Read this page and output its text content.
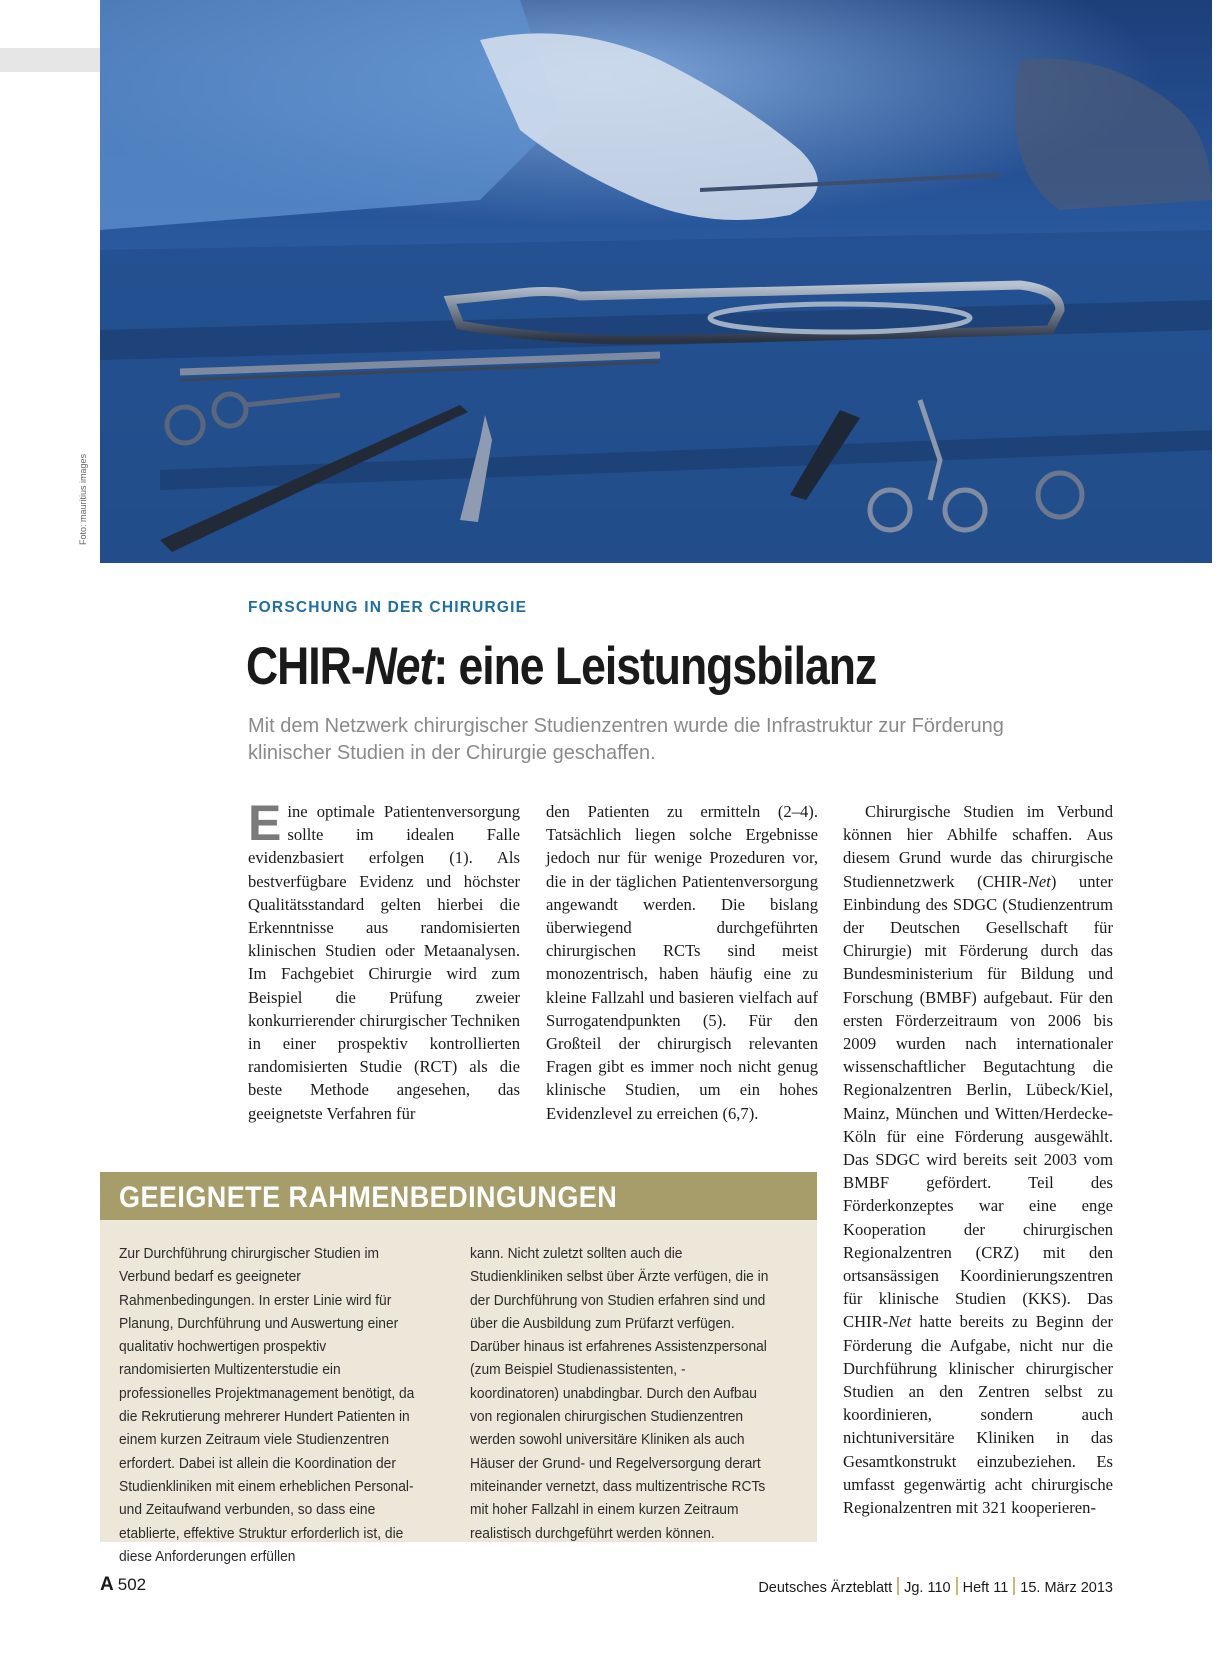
Foto: mauritius images
FORSCHUNG IN DER CHIRURGIE
CHIR-Net: eine Leistungsbilanz
Mit dem Netzwerk chirurgischer Studienzentren wurde die Infrastruktur zur Förderung klinischer Studien in der Chirurgie geschaffen.
Eine optimale Patientenversorgung sollte im idealen Falle evidenzbasiert erfolgen (1). Als bestverfügbare Evidenz und höchster Qualitätsstandard gelten hierbei die Erkenntnisse aus randomisierten klinischen Studien oder Metaanalysen. Im Fachgebiet Chirurgie wird zum Beispiel die Prüfung zweier konkurrierender chirurgischer Techniken in einer prospektiv kontrollierten randomisierten Studie (RCT) als die beste Methode angesehen, das geeignetste Verfahren für
den Patienten zu ermitteln (2–4). Tatsächlich liegen solche Ergebnisse jedoch nur für wenige Prozeduren vor, die in der täglichen Patientenversorgung angewandt werden. Die bislang überwiegend durchgeführten chirurgischen RCTs sind meist monozentrisch, haben häufig eine zu kleine Fallzahl und basieren vielfach auf Surrogatendpunkten (5). Für den Großteil der chirurgisch relevanten Fragen gibt es immer noch nicht genug klinische Studien, um ein hohes Evidenzlevel zu erreichen (6,7).

Chirurgische Studien im Verbund können hier Abhilfe schaffen. Aus diesem Grund wurde das chirurgische Studiennetzwerk (CHIR-Net) unter Einbindung des SDGC (Studienzentrum der Deutschen Gesellschaft für Chirurgie) mit Förderung durch das Bundesministerium für Bildung und Forschung (BMBF) aufgebaut. Für den ersten Förderzeitraum von 2006 bis 2009 wurden nach internationaler wissenschaftlicher Begutachtung die Regionalzentren Berlin, Lübeck/Kiel, Mainz, München und Witten/Herdecke-Köln für eine Förderung ausgewählt. Das SDGC wird bereits seit 2003 vom BMBF gefördert. Teil des Förderkonzeptes war eine enge Kooperation der chirurgischen Regionalzentren (CRZ) mit den ortsansässigen Koordinierungszentren für klinische Studien (KKS). Das CHIR-Net hatte bereits zu Beginn der Förderung die Aufgabe, nicht nur die Durchführung klinischer chirurgischer Studien an den Zentren selbst zu koordinieren, sondern auch nichtuniversitäre Kliniken in das Gesamtkonstrukt einzubeziehen. Es umfasst gegenwärtig acht chirurgische Regionalzentren mit 321 kooperieren-

GEEIGNETE RAHMENBEDINGUNGEN
Zur Durchführung chirurgischer Studien im Verbund bedarf es geeigneter Rahmenbedingungen. In erster Linie wird für Planung, Durchführung und Auswertung einer qualitativ hochwertigen prospektiv randomisierten Multizenterstudie ein professionelles Projektmanagement benötigt, da die Rekrutierung mehrerer Hundert Patienten in einem kurzen Zeitraum viele Studienzentren erfordert. Dabei ist allein die Koordination der Studienkliniken mit einem erheblichen Personal- und Zeitaufwand verbunden, so dass eine etablierte, effektive Struktur erforderlich ist, die diese Anforderungen erfüllen
kann. Nicht zuletzt sollten auch die Studienkliniken selbst über Ärzte verfügen, die in der Durchführung von Studien erfahren sind und über die Ausbildung zum Prüfarzt verfügen. Darüber hinaus ist erfahrenes Assistenzpersonal (zum Beispiel Studienassistenten, -koordinatoren) unabdingbar. Durch den Aufbau von regionalen chirurgischen Studienzentren werden sowohl universitäre Kliniken als auch Häuser der Grund- und Regelversorgung derart miteinander vernetzt, dass multizentrische RCTs mit hoher Fallzahl in einem kurzen Zeitraum realistisch durchgeführt werden können.
A 502	Deutsches Ärzteblatt Jg. 110 Heft 11 15. März 2013
